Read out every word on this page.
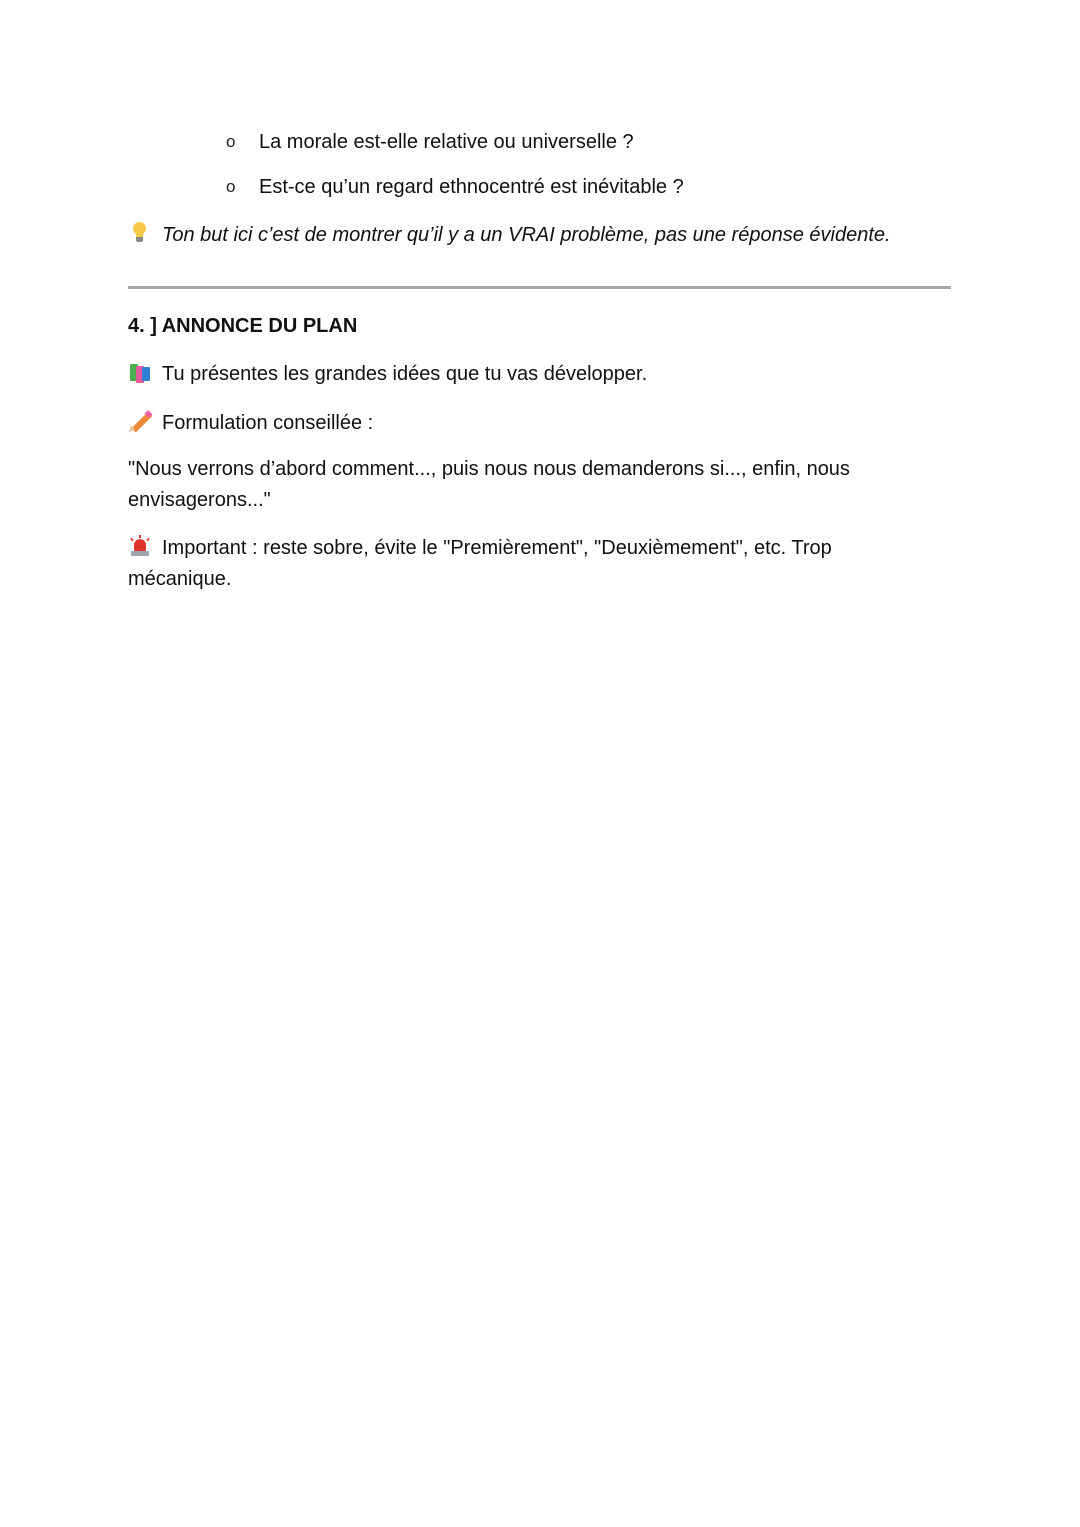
o	La morale est-elle relative ou universelle ?
o	Est-ce qu’un regard ethnocentré est inévitable ?
Ton but ici c’est de montrer qu’il y a un VRAI problème, pas une réponse évidente.
4. ] ANNONCE DU PLAN
Tu présentes les grandes idées que tu vas développer.
Formulation conseillée :
"Nous verrons d’abord comment..., puis nous nous demanderons si..., enfin, nous envisagerons..."
Important : reste sobre, évite le "Premièrement", "Deuxièmement", etc. Trop mécanique.
